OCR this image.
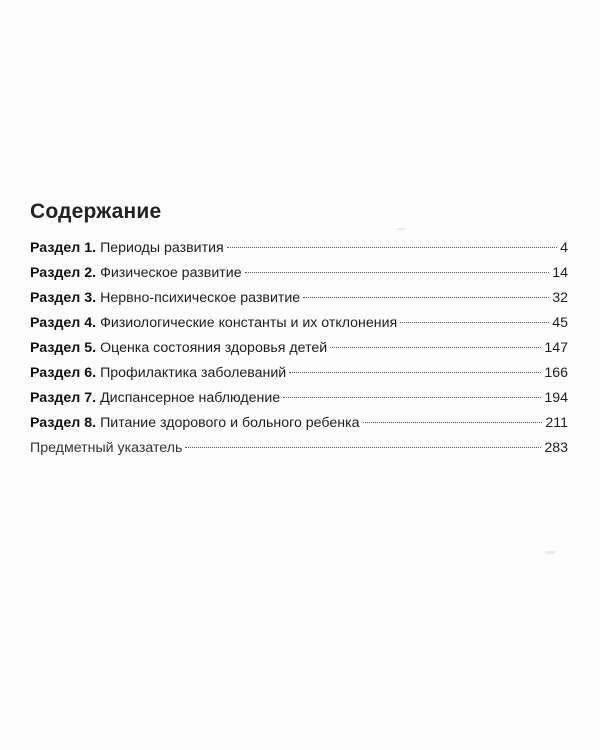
Содержание
Раздел 1. Периоды развития	4
Раздел 2. Физическое развитие	14
Раздел 3. Нервно-психическое развитие	32
Раздел 4. Физиологические константы и их отклонения	45
Раздел 5. Оценка состояния здоровья детей	147
Раздел 6. Профилактика заболеваний	166
Раздел 7. Диспансерное наблюдение	194
Раздел 8. Питание здорового и больного ребенка	211
Предметный указатель	283
